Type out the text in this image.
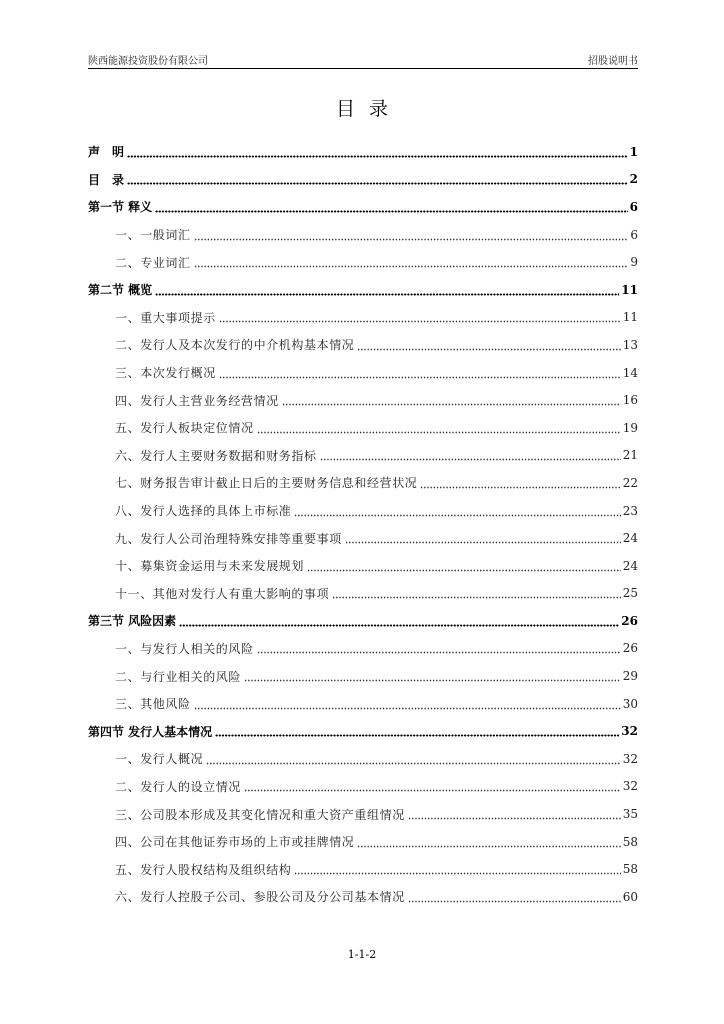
陕西能源投资股份有限公司	招股说明书
目录
声　明	1
目　录	2
第一节 释义	6
一、一般词汇	6
二、专业词汇	9
第二节 概览	11
一、重大事项提示	11
二、发行人及本次发行的中介机构基本情况	13
三、本次发行概况	14
四、发行人主营业务经营情况	16
五、发行人板块定位情况	19
六、发行人主要财务数据和财务指标	21
七、财务报告审计截止日后的主要财务信息和经营状况	22
八、发行人选择的具体上市标准	23
九、发行人公司治理特殊安排等重要事项	24
十、募集资金运用与未来发展规划	24
十一、其他对发行人有重大影响的事项	25
第三节 风险因素	26
一、与发行人相关的风险	26
二、与行业相关的风险	29
三、其他风险	30
第四节 发行人基本情况	32
一、发行人概况	32
二、发行人的设立情况	32
三、公司股本形成及其变化情况和重大资产重组情况	35
四、公司在其他证券市场的上市或挂牌情况	58
五、发行人股权结构及组织结构	58
六、发行人控股子公司、参股公司及分公司基本情况	60
1-1-2
